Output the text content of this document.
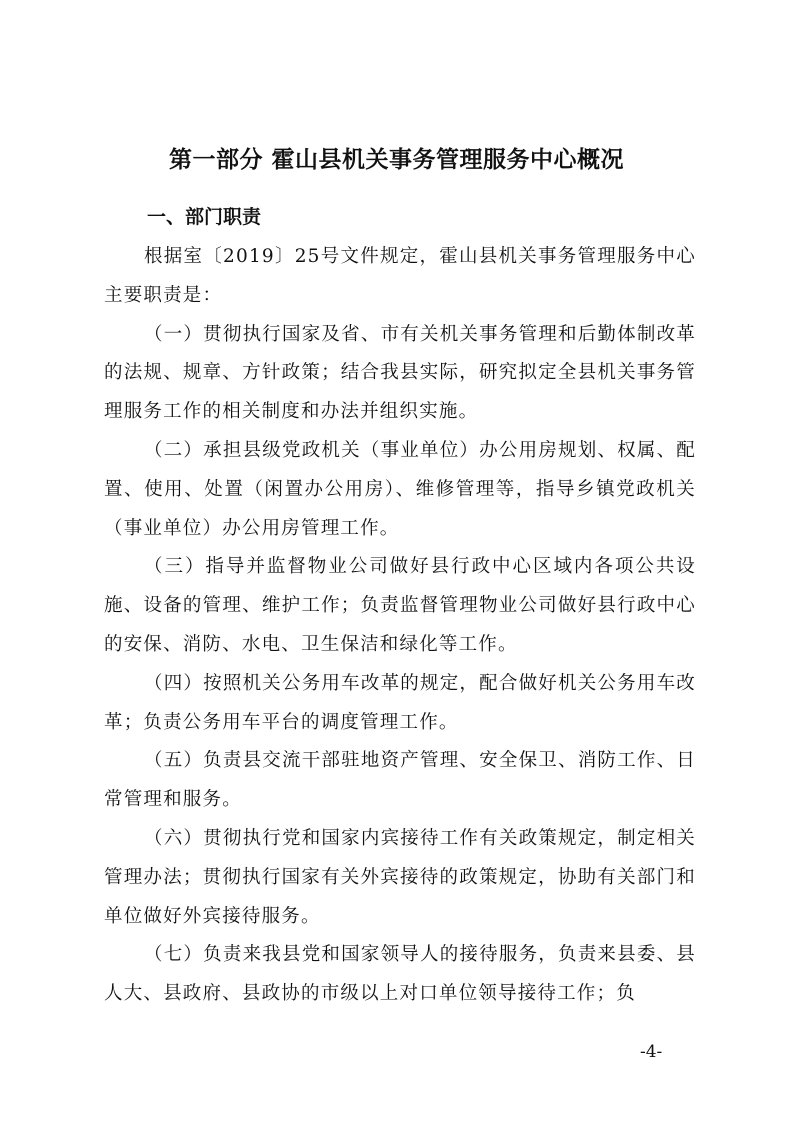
第一部分 霍山县机关事务管理服务中心概况
一、部门职责

根据室〔2019〕25号文件规定，霍山县机关事务管理服务中心主要职责是：

（一）贯彻执行国家及省、市有关机关事务管理和后勤体制改革的法规、规章、方针政策；结合我县实际，研究拟定全县机关事务管理服务工作的相关制度和办法并组织实施。

（二）承担县级党政机关（事业单位）办公用房规划、权属、配置、使用、处置（闲置办公用房）、维修管理等，指导乡镇党政机关（事业单位）办公用房管理工作。

（三）指导并监督物业公司做好县行政中心区域内各项公共设施、设备的管理、维护工作；负责监督管理物业公司做好县行政中心的安保、消防、水电、卫生保洁和绿化等工作。

（四）按照机关公务用车改革的规定，配合做好机关公务用车改革；负责公务用车平台的调度管理工作。

（五）负责县交流干部驻地资产管理、安全保卫、消防工作、日常管理和服务。

（六）贯彻执行党和国家内宾接待工作有关政策规定，制定相关管理办法；贯彻执行国家有关外宾接待的政策规定，协助有关部门和单位做好外宾接待服务。

（七）负责来我县党和国家领导人的接待服务，负责来县委、县人大、县政府、县政协的市级以上对口单位领导接待工作；负

-4-
